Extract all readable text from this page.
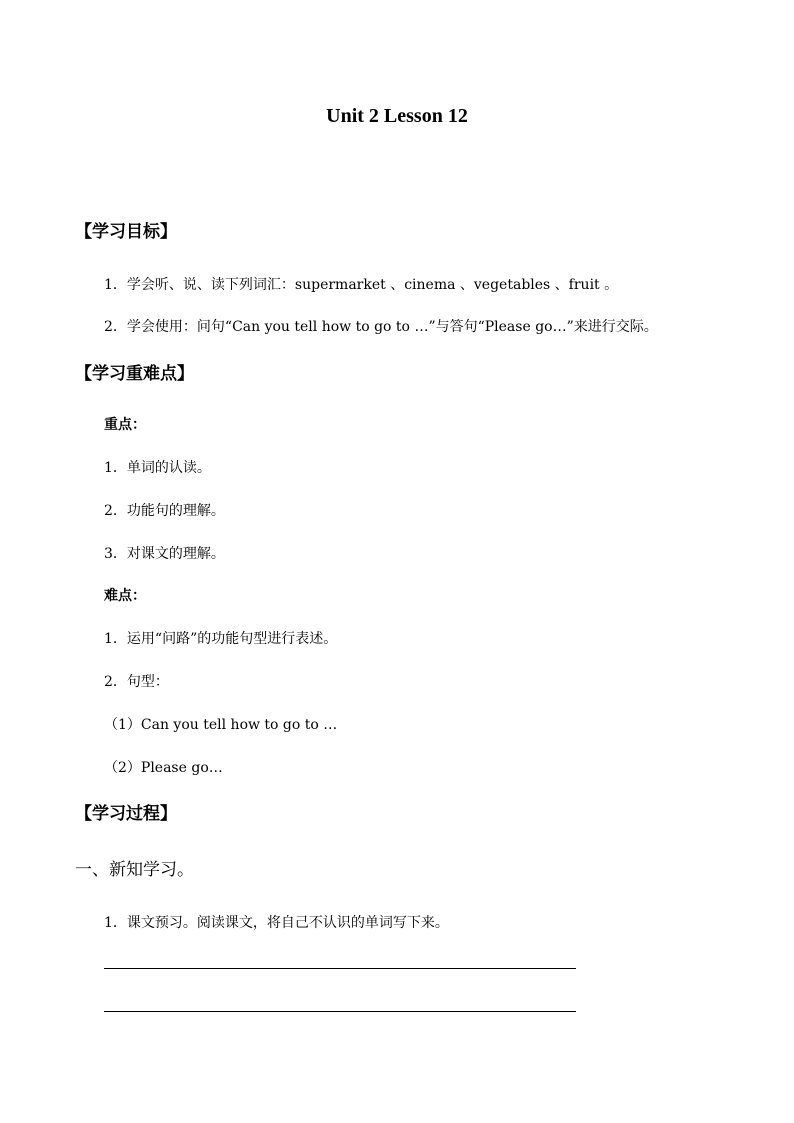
Unit 2 Lesson 12
【学习目标】
1．学会听、说、读下列词汇：supermarket 、cinema 、vegetables 、fruit 。
2．学会使用：问句“Can you tell how to go to …”与答句“Please go…”来进行交际。
【学习重难点】
重点：
1．单词的认读。
2．功能句的理解。
3．对课文的理解。
难点：
1．运用“问路”的功能句型进行表述。
2．句型：
（1）Can you tell how to go to …
（2）Please go…
【学习过程】
一、新知学习。
1．课文预习。阅读课文，将自己不认识的单词写下来。
